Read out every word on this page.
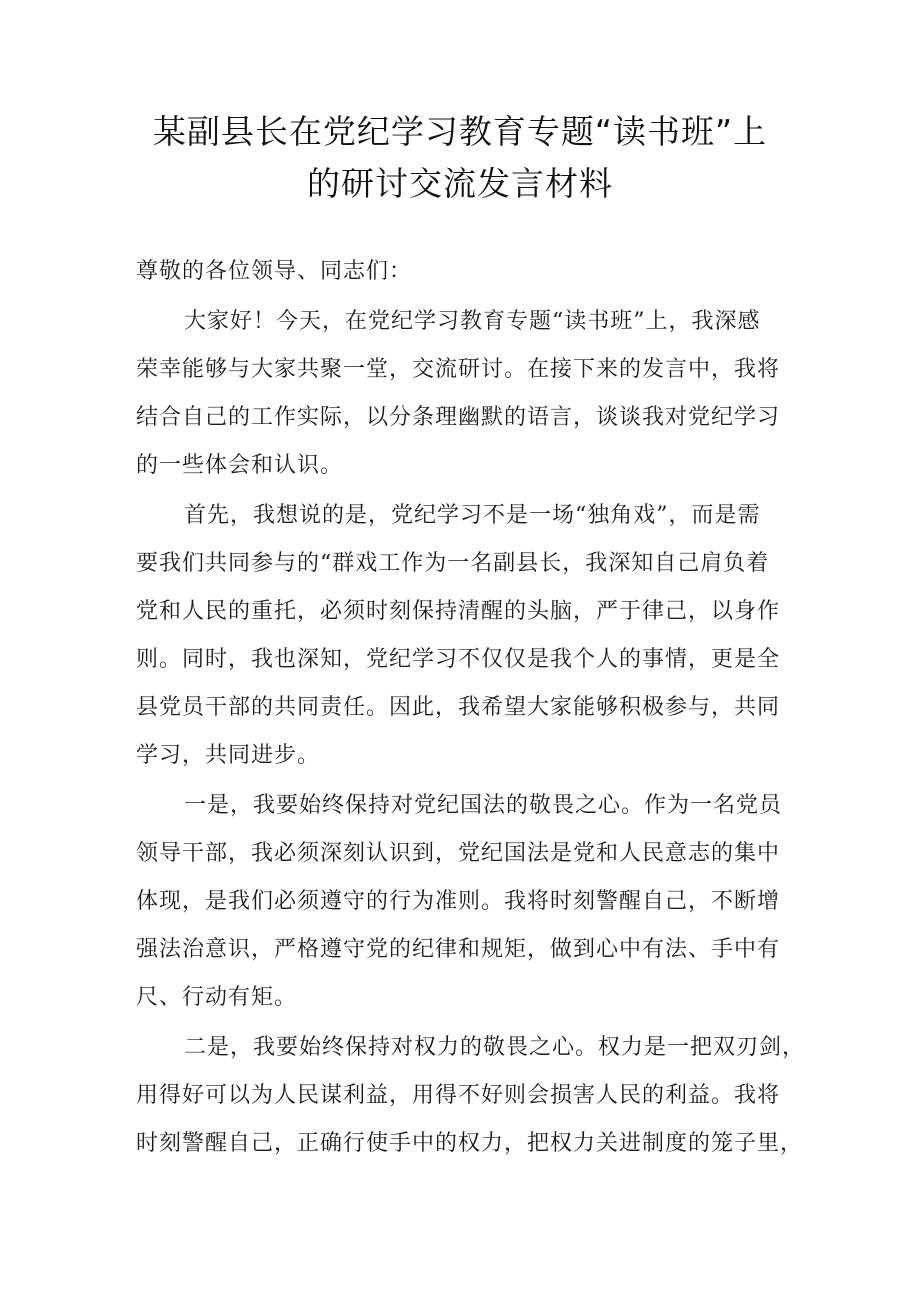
某副县长在党纪学习教育专题“读书班”上
的研讨交流发言材料
尊敬的各位领导、同志们：
大家好！今天，在党纪学习教育专题“读书班”上，我深感
荣幸能够与大家共聚一堂，交流研讨。在接下来的发言中，我将
结合自己的工作实际，以分条理幽默的语言，谈谈我对党纪学习
的一些体会和认识。
首先，我想说的是，党纪学习不是一场“独角戏”，而是需
要我们共同参与的“群戏工作为一名副县长，我深知自己肩负着
党和人民的重托，必须时刻保持清醒的头脑，严于律己，以身作
则。同时，我也深知，党纪学习不仅仅是我个人的事情，更是全
县党员干部的共同责任。因此，我希望大家能够积极参与，共同
学习，共同进步。
一是，我要始终保持对党纪国法的敬畏之心。作为一名党员
领导干部，我必须深刻认识到，党纪国法是党和人民意志的集中
体现，是我们必须遵守的行为准则。我将时刻警醒自己，不断增
强法治意识，严格遵守党的纪律和规矩，做到心中有法、手中有
尺、行动有矩。
二是，我要始终保持对权力的敬畏之心。权力是一把双刃剑，
用得好可以为人民谋利益，用得不好则会损害人民的利益。我将
时刻警醒自己，正确行使手中的权力，把权力关进制度的笼子里，
